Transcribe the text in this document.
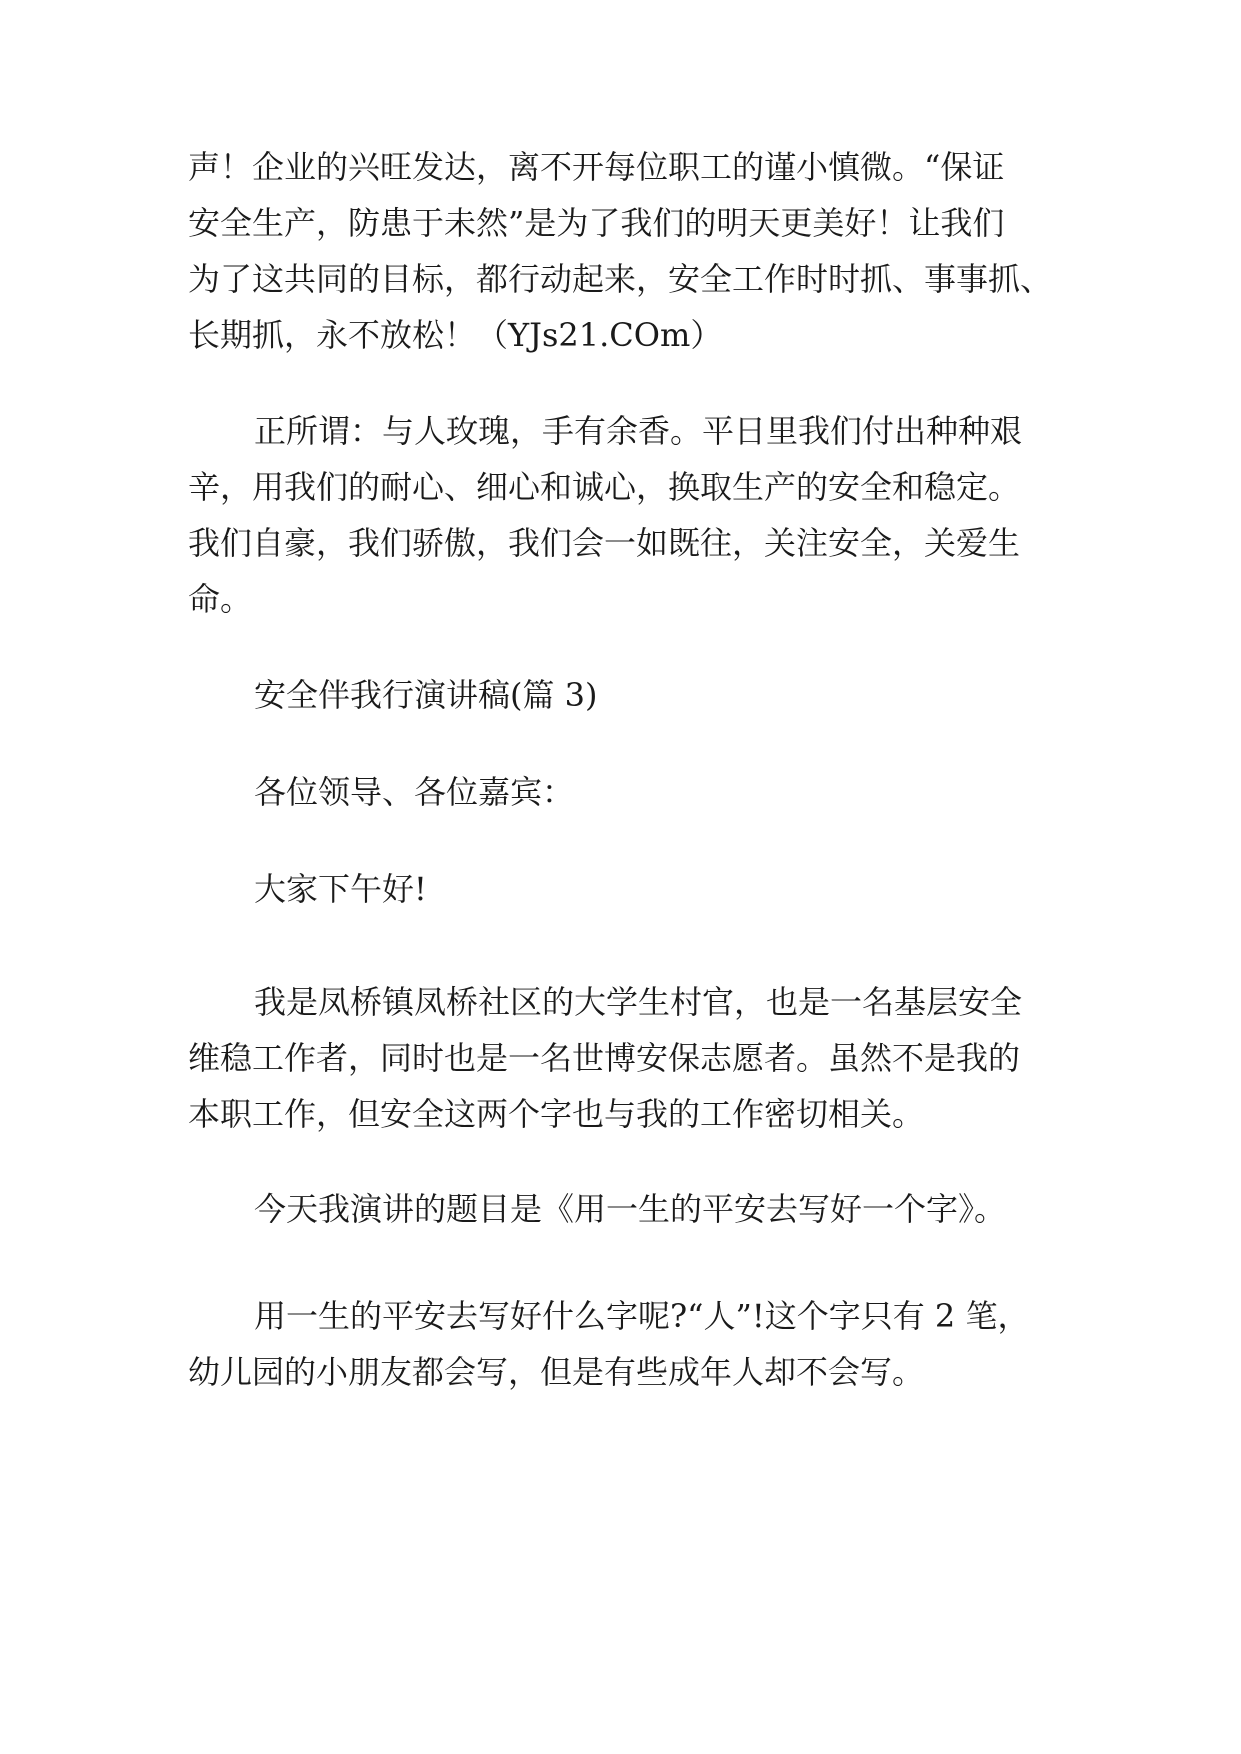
声！企业的兴旺发达，离不开每位职工的谨小慎微。“保证

安全生产，防患于未然”是为了我们的明天更美好！让我们

为了这共同的目标，都行动起来，安全工作时时抓、事事抓、

长期抓，永不放松！（YJs21.COm）

正所谓：与人玫瑰，手有余香。平日里我们付出种种艰

辛，用我们的耐心、细心和诚心，换取生产的安全和稳定。

我们自豪，我们骄傲，我们会一如既往，关注安全，关爱生

命。

安全伴我行演讲稿(篇 3)

各位领导、各位嘉宾：

大家下午好!

我是凤桥镇凤桥社区的大学生村官，也是一名基层安全

维稳工作者，同时也是一名世博安保志愿者。虽然不是我的

本职工作，但安全这两个字也与我的工作密切相关。

今天我演讲的题目是《用一生的平安去写好一个字》。

用一生的平安去写好什么字呢?“人”!这个字只有 2 笔，

幼儿园的小朋友都会写，但是有些成年人却不会写。
